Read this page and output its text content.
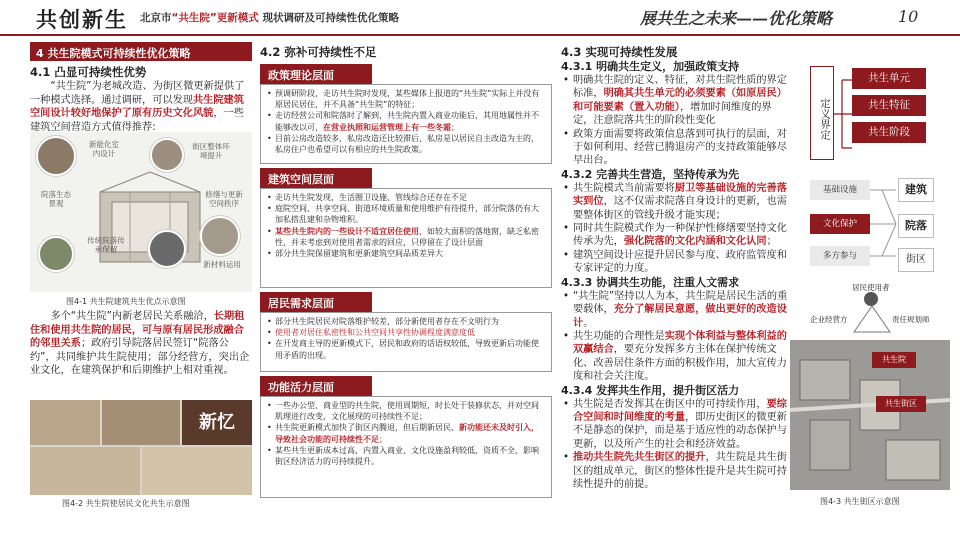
共创新生 北京市“共生院”更新模式 现状调研及可持续性优化策略	展共生之未来——优化策略	10
4 共生院模式可持续性优化策略
4.1 凸显可持续性优势
“共生院”为老城改造、为街区微更新提供了一种模式选择。通过调研，可以发现共生院建筑空间设计较好地保护了原有历史文化风貌，一些建筑空间营造方式值得推荐:
新能化室内设计
街区整体环境提升
院落生态景观
修缮与更新空间秩序
传统院落传承保留
新材料运用
图4-1 共生院建筑共生优点示意图
多个“共生院”内新老居民关系融洽，长期租住和使用共生院的居民，可与原有居民形成融合的邻里关系；政府引导院落居民签订“院落公约”，共同维护共生院使用；部分经营方，突出企业文化，在建筑保护和后期维护上相对重视。
新忆
图4-2 共生院使居民文化共生示意图
4.2 弥补可持续性不足
政策理论层面
• 预调研阶段，走访共生院时发现，某些媒体上报道的“共生院”实际上并没有原居民居住，并不具备“共生院”的特征；
• 走访经营公司和院落时了解到，共生院内置入商业功能后，其用地属性并不能够改以可，在营业执照和运营管理上有一些冬霜；
• 目前公房改造较多，私房改造还比较滞后，私房是以居民自主改造为主的，私房住户也希望可以有相应的共生院政策。
建筑空间层面
• 走访共生院发现，生活圈卫设施、管线综合还存在不足
• 庭院空间、共享空间、街道环境质量和使用维护有待提升，部分院落仍有大加私搭乱建和杂物堆积。
• 某些共生院内的一些设计不适宜居住使用，如较大面积的落地窗，缺乏私密性，并未考虑到对使用者需求的回应，只停留在了设计层面
• 部分共生院保留建筑和更新建筑空间品质差异大
居民需求层面
• 部分共生院居民对院落维护较差，部分新使用者存在不文明行为
• 使用者对居住私密性和公共空间共享性协调程度满意度低
• 在开发商主导的更新模式下，居民和政府的话语权较低，导致更新后功能使用矛盾的出现。
功能活力层面
• 一些办公型、商业型的共生院，使用周期短，时长处于装修状态，并对空间肌理进行改变，文化展现的可持续性不足；
• 共生院更新模式加快了街区内腾退，但后期新居民、新功能还未及时引入，导致社会功能的可持续性不足；
• 某些共生更新成本过高，内置入商业、文化设施盈利较低，资质不全，影响街区经济活力的可持续提升。
4.3 实现可持续性发展
4.3.1 明确共生定义，加强政策支持
• 明确共生院的定义、特征，对共生院性质的界定标准，明确其共生单元的必须要素（如原居民）和可能要素（置入功能），增加时间维度的界定，注意院落共生的阶段性变化
• 政策方面需要将政策信息落到可执行的层面，对于如何利用、经营已腾退房产的支持政策能够尽早出台。
4.3.2 完善共生营造，坚持传承为先
• 共生院模式当前需要将厨卫等基础设施的完善落实到位，这不仅需求院落自身设计的更新，也需要整体街区的管线升级才能实现；
• 同时共生院模式作为一种保护性修缮要坚持文化传承为先，强化院落的文化内涵和文化认同；
• 建筑空间设计应提升居民参与度、政府监管度和专家评定的力度。
4.3.3 协调共生功能，注重人文需求
• “共生院”坚持以人为本，共生院是居民生活的重要载体，充分了解居民意愿，做出更好的改造设计。
• 共生功能的合理性是实现个体利益与整体利益的双赢结合，要充分发挥多方主体在保护传统文化、改善居住条件方面的积极作用，加大宣传力度和社会关注度。
4.3.4 发挥共生作用，提升街区活力
• 共生院是否发挥其在街区中的可持续作用，要综合空间和时间维度的考量，即历史街区的微更新不是静态的保护，而是基于适应性的动态保护与更新，以及所产生的社会和经济效益。
• 推动共生院先共生街区的提升，共生院是共生街区的组成单元，街区的整体性提升是共生院可持续性提升的前提。
定义界定
共生单元
共生特征
共生阶段
基础设施
文化保护
多方参与
建筑
院落
街区
居民使用者
企业经营方	责任规划师
共生院
共生街区
图4-3 共生街区示意图
